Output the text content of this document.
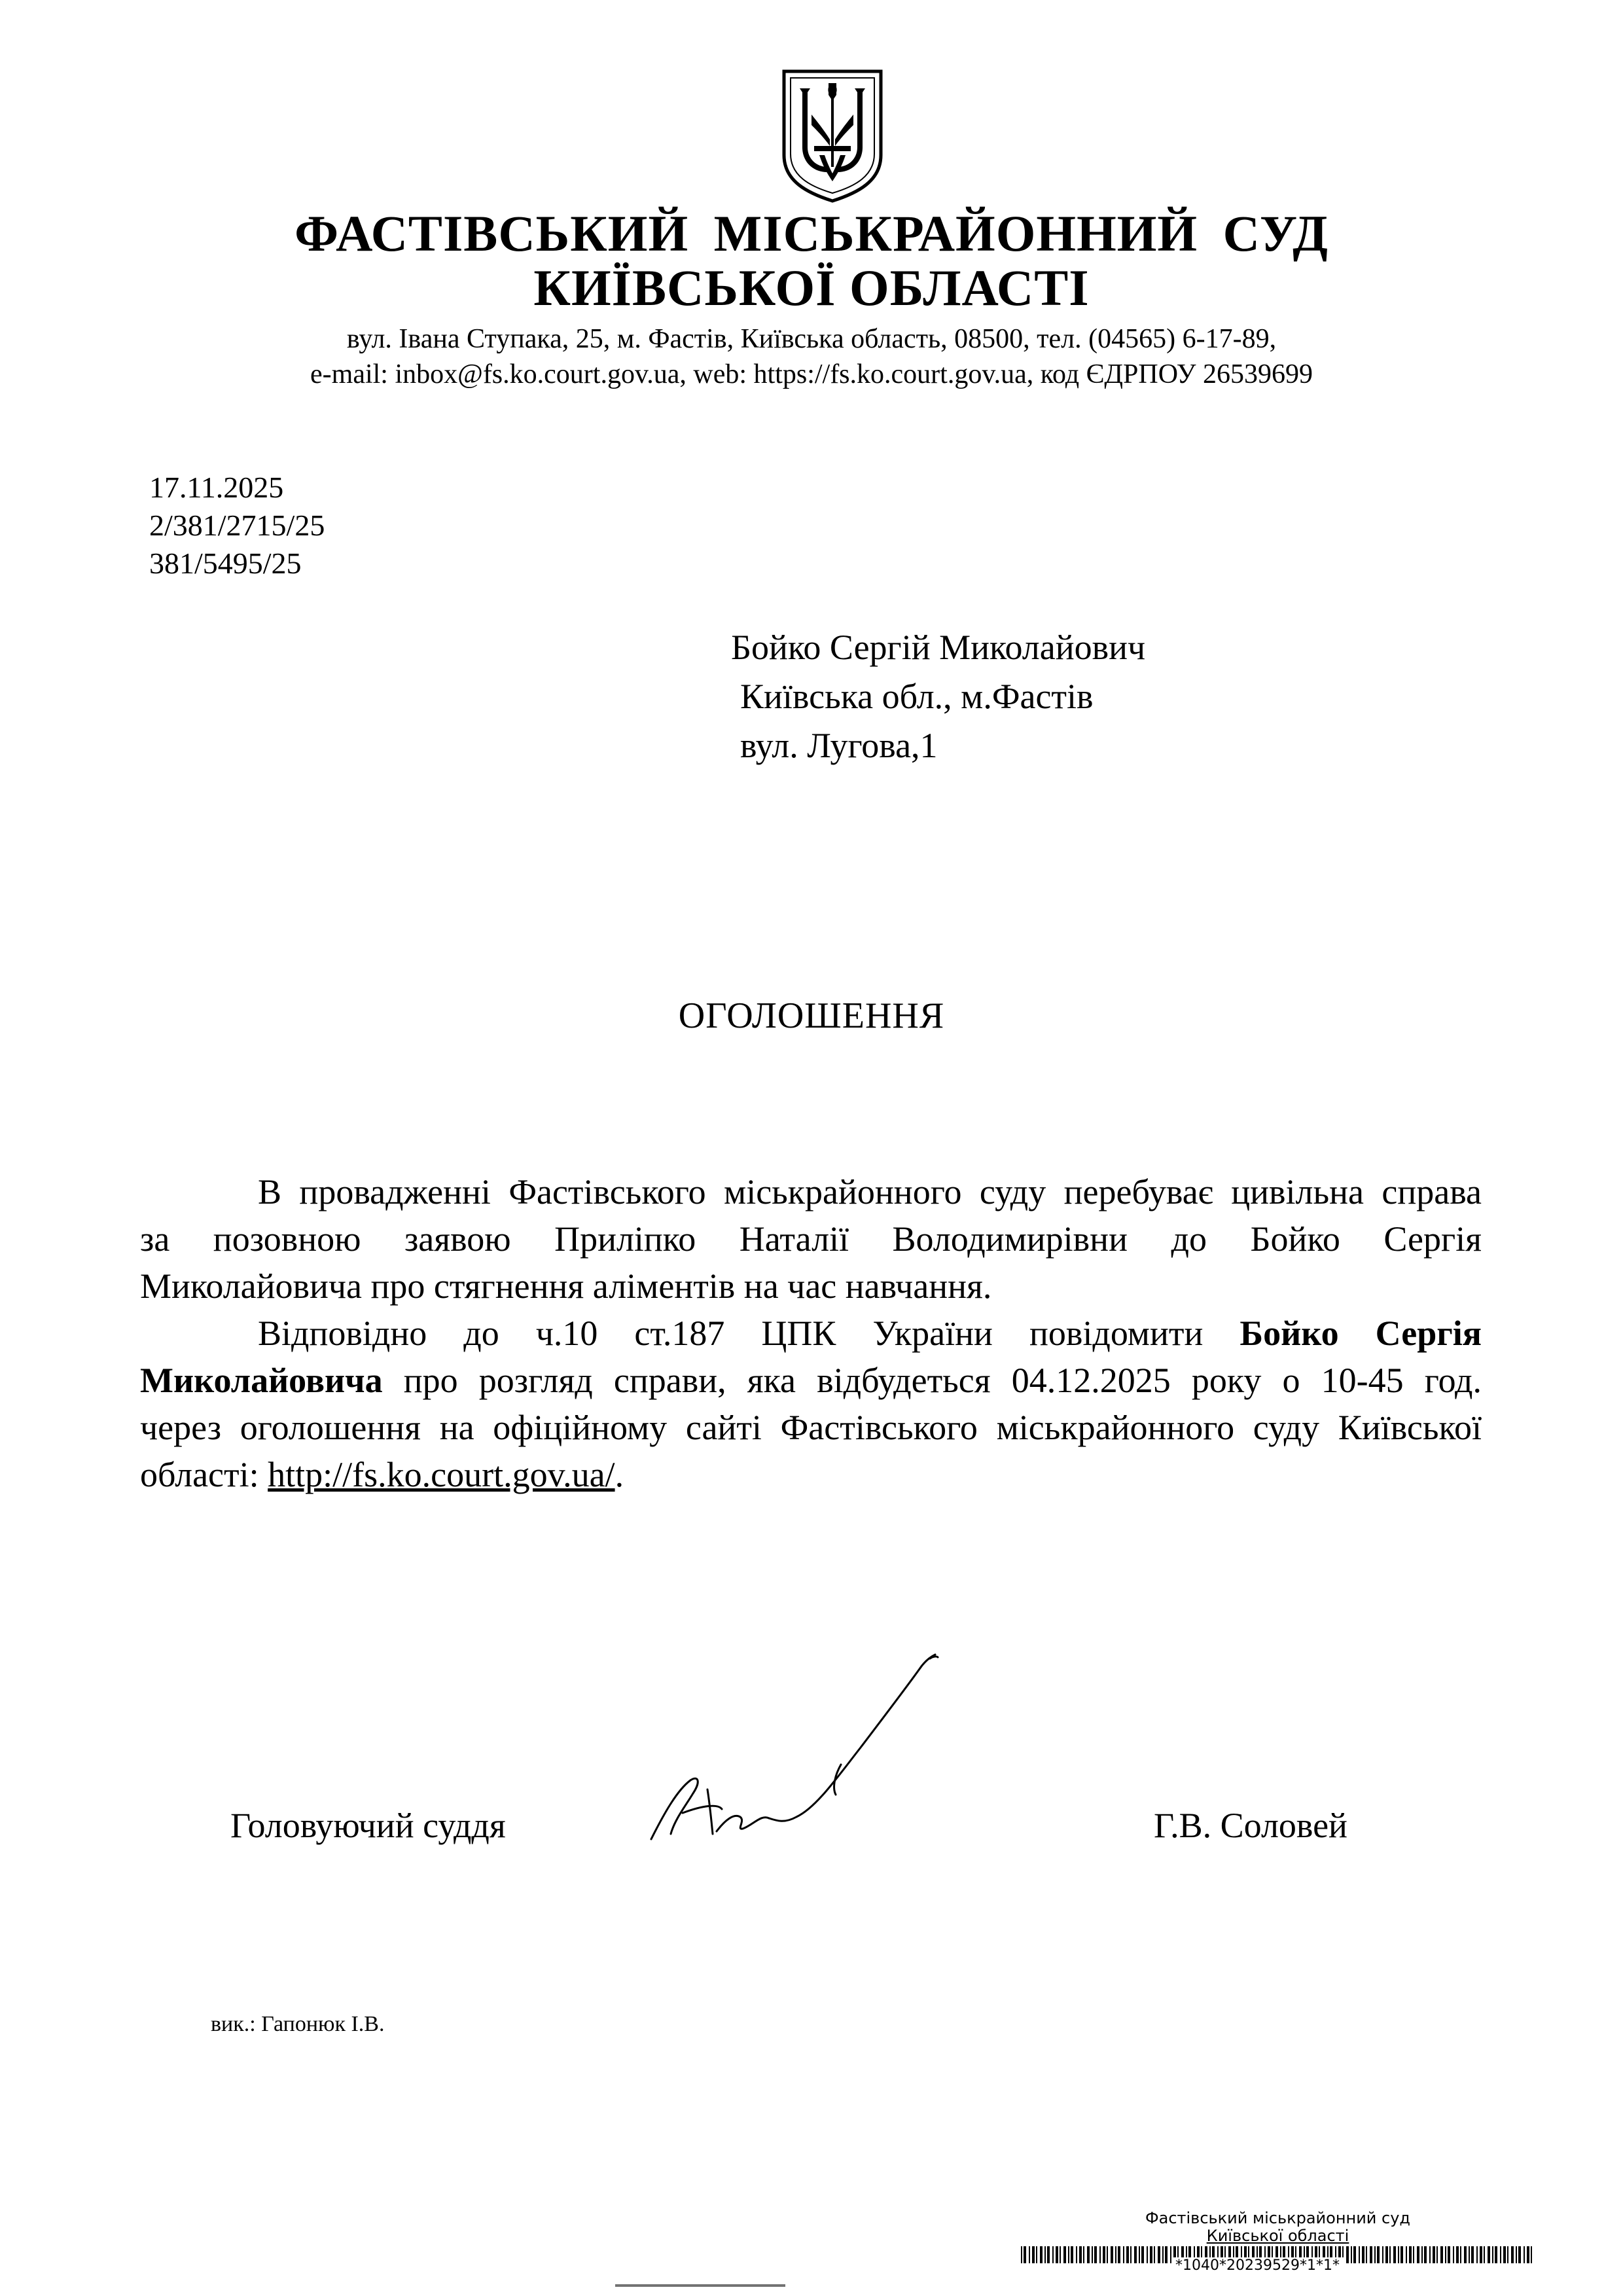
ФАСТІВСЬКИЙ МІСЬКРАЙОННИЙ СУД
КИЇВСЬКОЇ ОБЛАСТІ
вул. Івана Ступака, 25, м. Фастів, Київська область, 08500, тел. (04565) 6-17-89,
e-mail: inbox@fs.ko.court.gov.ua, web: https://fs.ko.court.gov.ua, код ЄДРПОУ 26539699
17.11.2025
2/381/2715/25
381/5495/25
Бойко Сергій Миколайович
Київська обл., м.Фастів
вул. Лугова,1
ОГОЛОШЕННЯ
В провадженні Фастівського міськрайонного суду перебуває цивільна справа
за позовною заявою Приліпко Наталії Володимирівни до Бойко Сергія
Миколайовича про стягнення аліментів на час навчання.
Відповідно до ч.10 ст.187 ЦПК України повідомити Бойко Сергія
Миколайовича про розгляд справи, яка відбудеться 04.12.2025 року о 10-45 год.
через оголошення на офіційному сайті Фастівського міськрайонного суду Київської
області: http://fs.ko.court.gov.ua/.
Головуючий суддя	Г.В. Соловей
вик.: Гапонюк І.В.
Фастівський міськрайонний суд
Київської області
*1040*20239529*1*1*
